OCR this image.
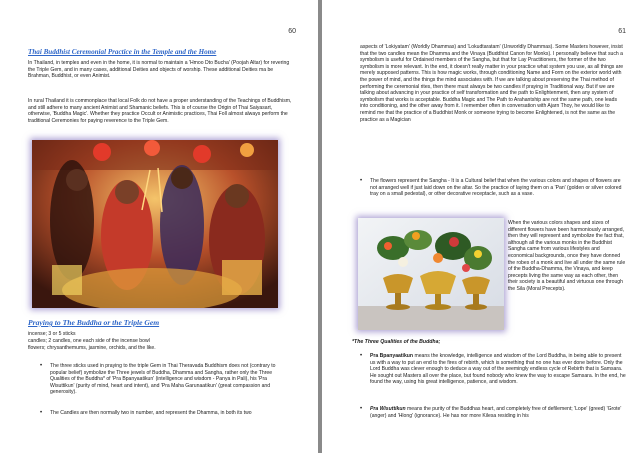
60

Thai Buddhist Ceremonial Practice in the Temple and the Home

In Thailand, in temples and even in the home, it is normal to maintain a 'Hmoo Dto Bucha' (Poojah Altar) for revering the Triple Gem, and in many cases, additional Deities and objects of worship. These additional Deities ma be Brahman, Buddhist, or even Animist.

In rural Thailand it is commonplace that local Folk do not have a proper understanding of the Teachings of Buddhism, and still adhere to many ancient Animist and Shamanic beliefs. This is of course the Origin of Thai Saiyasart, otherwise, 'Buddha Magic'. Whether they practice Occult or Animistic practices, Thai Foll almost always perform the traditional Ceremonies for paying reverence to the Triple Gem.

Praying to The Buddha or the Triple Gem

incense; 3 or 5 sticks

candles; 2 candles, one each side of the incense bowl

flowers; chrysanthemums, jasmine, orchids, and the like.

•	The three sticks used in praying to the triple Gem in Thai Theravada Buddhism does not (contrary to popular belief) symbolize the Three jewels of Buddha, Dhamma and Sangha, rather only the Three Qualities of the Buddha* of 'Pra Bpanyaatikun' (intelligence and wisdom - Panya in Pali), his 'Pra Wisuttikun' (purity of mind, heart and intent), and 'Pra Maha Garunaatikun' (great compassion and generosity).

•	The Candles are then normally two in number, and represent the Dhamma, in both its two

61

aspects of 'Lokiyatam' (Worldly Dhammas) and 'Lokudtaratam' (Unworldly Dhammas). Some Masters however, insist that the two candles mean the Dhamma and the Vinaya (Buddhist Canon for Monks). I personally believe that such a symbolism is useful for Ordained members of the Sangha, but that for Lay Practitioners, the former of the two symbolism is more relevant. In the end, it doesn't really matter in your practice what system you use, as all things are merely supposed patterns. This is how magic works, through conditioning Name and Form on the exterior world with the power of mind, and the things the mind associates with. If we are talking about preserving the Thai method of performing the ceremonial rites, then there must always be two candles if praying in Traditional way. But if we are talking about advancing in your practice of self transformation and the path to Enlightenment, then any system of symbolism that works is acceptable. Buddha Magic and The Path to Arahantship are not the same path, one leads into conditioning, and the other away from it. I remember often in conversation with Ajarn Thoy, he would like to remind me that the practice of a Buddhist Monk or someone trying to become Enlightened, is not the same as the practice as a Magician

•	The flowers represent the Sangha - It is a Cultural belief that when the various colors and shapes of flowers are not arranged well if just laid down on the altar. So the practice of laying them on a 'Pan' (golden or silver colored tray on a small pedestal), or other decorative receptacle, such as a vase.

When the various colors shapes and sizes of different flowers have been harmoniously arranged, then they will represent and symbolize the fact that, although all the various monks in the Buddhist Sangha came from various lifestyles and economical backgrounds, once they have donned the robes of a monk and live all under the same rule of the Buddha-Dhamma, the Vinaya, and keep precepts living the same way as each other, then their society is a beautiful and virtuous one through the Sila (Moral Precepts).

*The Three Qualities of the Buddha;
•	Pra Bpanyaatikun means the knowledge, intelligence and wisdom of the Lord Buddha, in being able to present us with a way to put an end to the fires of rebirth, which is something that no one has ever done before. Only the Lord Buddha was clever enough to deduce a way out of the seemingly endless cycle of Rebirth that is Samsara. He sought out Masters all over the place, but found nobody who knew the way to escape Samsara. In the end, he found the way, using his great intelligence, patience, and wisdom.

•	Pra Wisuttikun means the purity of the Buddhas heart, and completely free of defilement; 'Lope' (greed) 'Grote' (anger) and 'Hlong' (ignorance). He has nor more Kilesa residing in his
